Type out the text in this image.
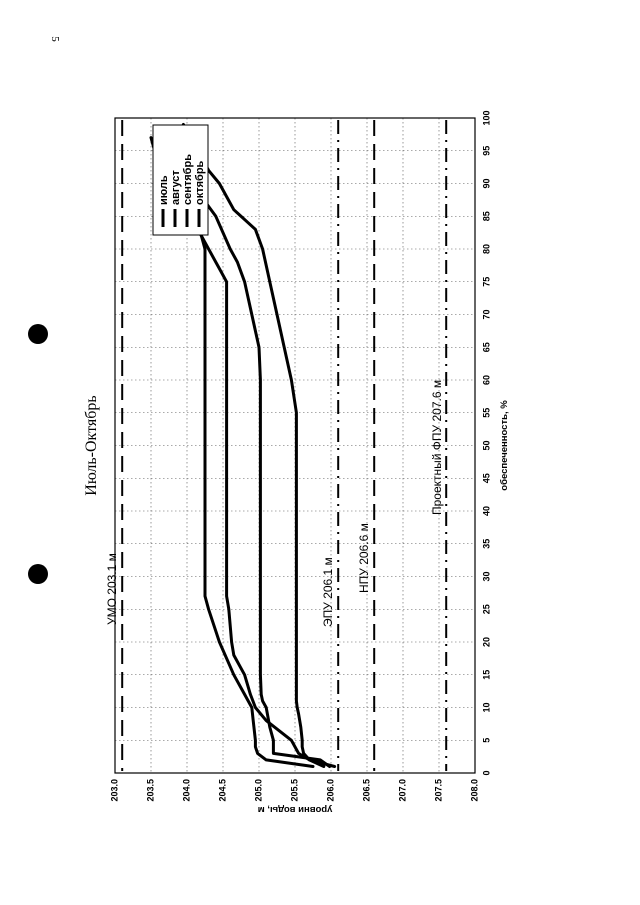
5
203.0	203.5	204.0	204.5	205.0	205.5	206.0	206.5	207.0	207.5	208.0
0
5
10
15
20
25
30
35
40
45
50
55
60
65
70
75
80
85
90
95
100
Проектный ФПУ 207.6 м
НПУ 206.6 м
ЭПУ 206.1 м
УМО 203.1 м
июль август сентябрь октябрь
Июль-Октябрь
уровни воды, м
обеспеченность, %
